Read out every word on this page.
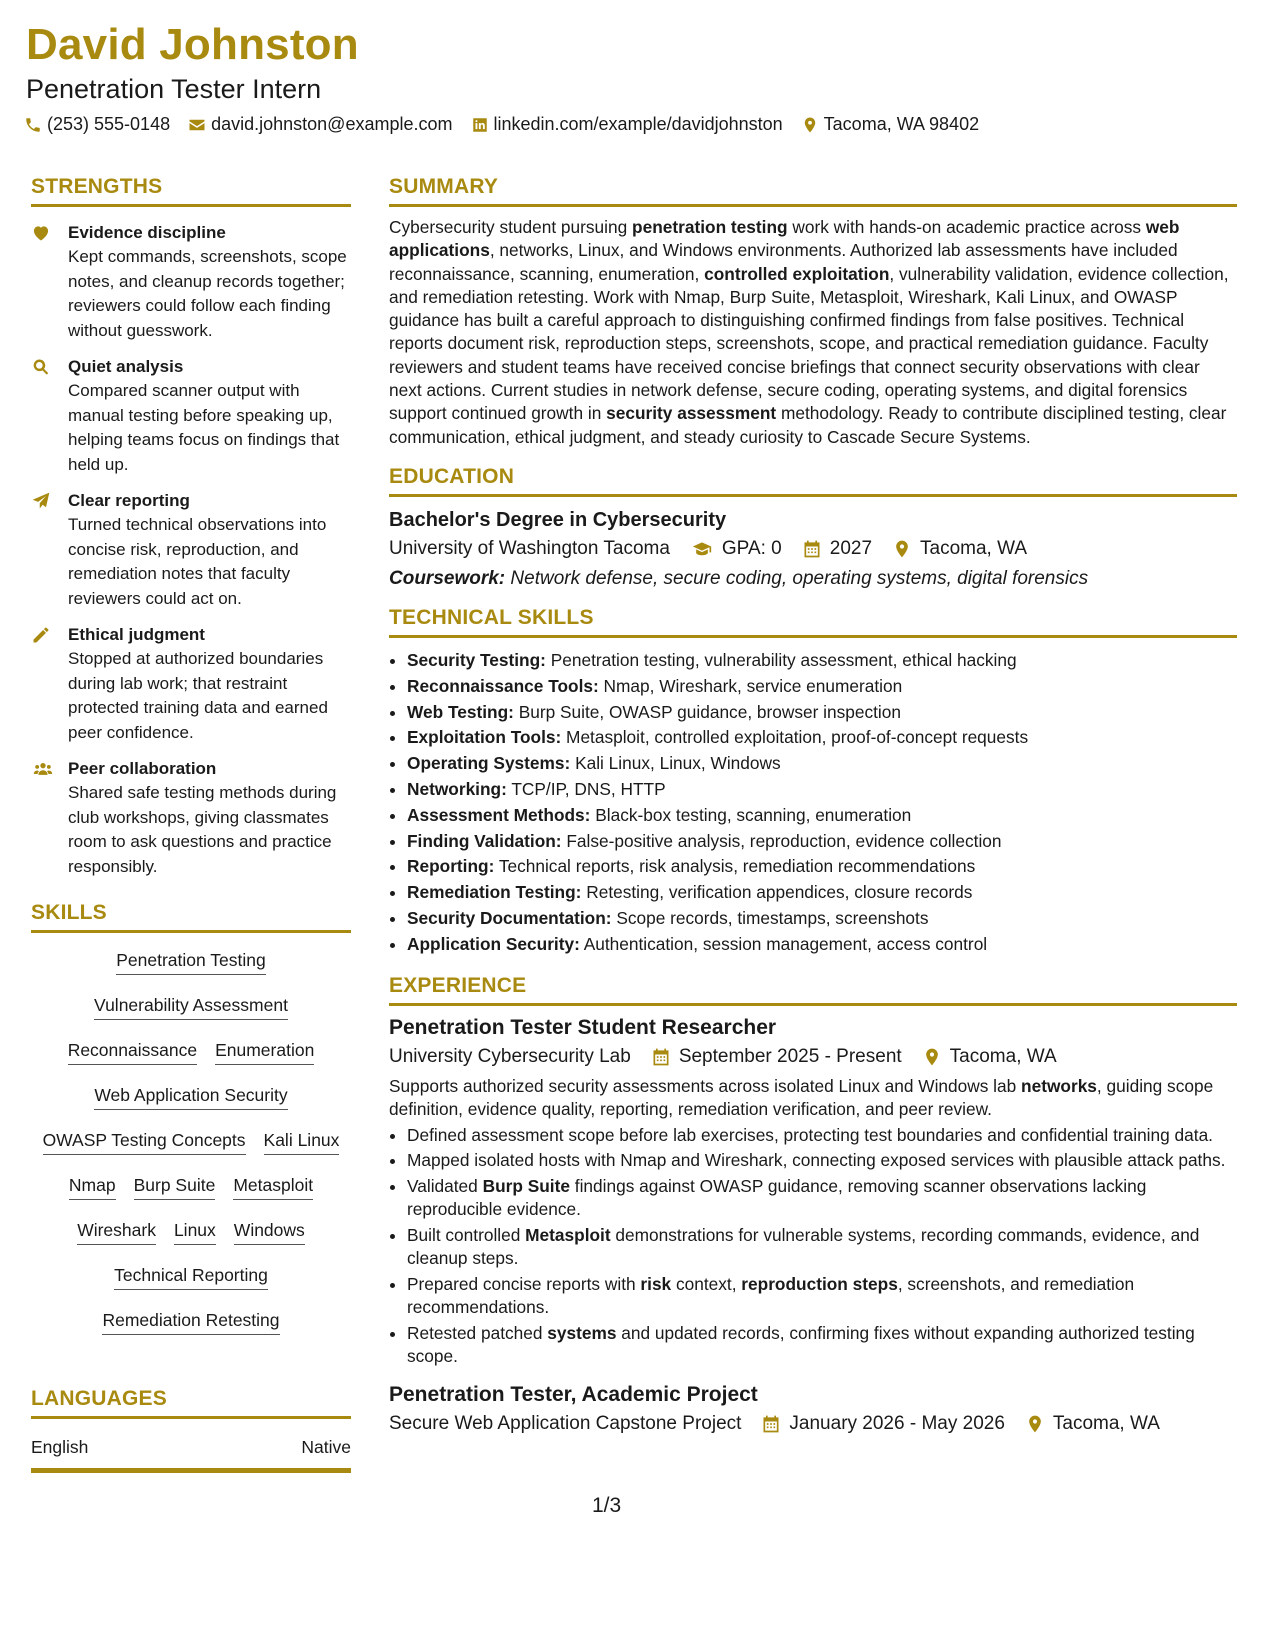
David Johnston
Penetration Tester Intern
(253) 555-0148 david.johnston@example.com linkedin.com/example/davidjohnston Tacoma, WA 98402
STRENGTHS
Evidence discipline
Kept commands, screenshots, scope notes, and cleanup records together; reviewers could follow each finding without guesswork.
Quiet analysis
Compared scanner output with manual testing before speaking up, helping teams focus on findings that held up.
Clear reporting
Turned technical observations into concise risk, reproduction, and remediation notes that faculty reviewers could act on.
Ethical judgment
Stopped at authorized boundaries during lab work; that restraint protected training data and earned peer confidence.
Peer collaboration
Shared safe testing methods during club workshops, giving classmates room to ask questions and practice responsibly.
SKILLS
Penetration Testing
Vulnerability Assessment
Reconnaissance Enumeration
Web Application Security
OWASP Testing Concepts Kali Linux
Nmap Burp Suite Metasploit
Wireshark Linux Windows
Technical Reporting
Remediation Retesting
LANGUAGES
English	Native
SUMMARY

Cybersecurity student pursuing penetration testing work with hands-on academic practice across web applications, networks, Linux, and Windows environments. Authorized lab assessments have included reconnaissance, scanning, enumeration, controlled exploitation, vulnerability validation, evidence collection, and remediation retesting. Work with Nmap, Burp Suite, Metasploit, Wireshark, Kali Linux, and OWASP guidance has built a careful approach to distinguishing confirmed findings from false positives. Technical reports document risk, reproduction steps, screenshots, scope, and practical remediation guidance. Faculty reviewers and student teams have received concise briefings that connect security observations with clear next actions. Current studies in network defense, secure coding, operating systems, and digital forensics support continued growth in security assessment methodology. Ready to contribute disciplined testing, clear communication, ethical judgment, and steady curiosity to Cascade Secure Systems.

EDUCATION
Bachelor's Degree in Cybersecurity
University of Washington Tacoma	GPA: 0	2027	Tacoma, WA
Coursework: Network defense, secure coding, operating systems, digital forensics
TECHNICAL SKILLS
• Security Testing: Penetration testing, vulnerability assessment, ethical hacking
• Reconnaissance Tools: Nmap, Wireshark, service enumeration
• Web Testing: Burp Suite, OWASP guidance, browser inspection
• Exploitation Tools: Metasploit, controlled exploitation, proof-of-concept requests
• Operating Systems: Kali Linux, Linux, Windows
• Networking: TCP/IP, DNS, HTTP
• Assessment Methods: Black-box testing, scanning, enumeration
• Finding Validation: False-positive analysis, reproduction, evidence collection
• Reporting: Technical reports, risk analysis, remediation recommendations
• Remediation Testing: Retesting, verification appendices, closure records
• Security Documentation: Scope records, timestamps, screenshots
• Application Security: Authentication, session management, access control
EXPERIENCE
Penetration Tester Student Researcher
University Cybersecurity Lab	September 2025 - Present	Tacoma, WA
Supports authorized security assessments across isolated Linux and Windows lab networks, guiding scope definition, evidence quality, reporting, remediation verification, and peer review.
• Defined assessment scope before lab exercises, protecting test boundaries and confidential training data.
• Mapped isolated hosts with Nmap and Wireshark, connecting exposed services with plausible attack paths.
• Validated Burp Suite findings against OWASP guidance, removing scanner observations lacking reproducible evidence.
• Built controlled Metasploit demonstrations for vulnerable systems, recording commands, evidence, and cleanup steps.
• Prepared concise reports with risk context, reproduction steps, screenshots, and remediation recommendations.
• Retested patched systems and updated records, confirming fixes without expanding authorized testing scope.
Penetration Tester, Academic Project
Secure Web Application Capstone Project	January 2026 - May 2026	Tacoma, WA
1/3
